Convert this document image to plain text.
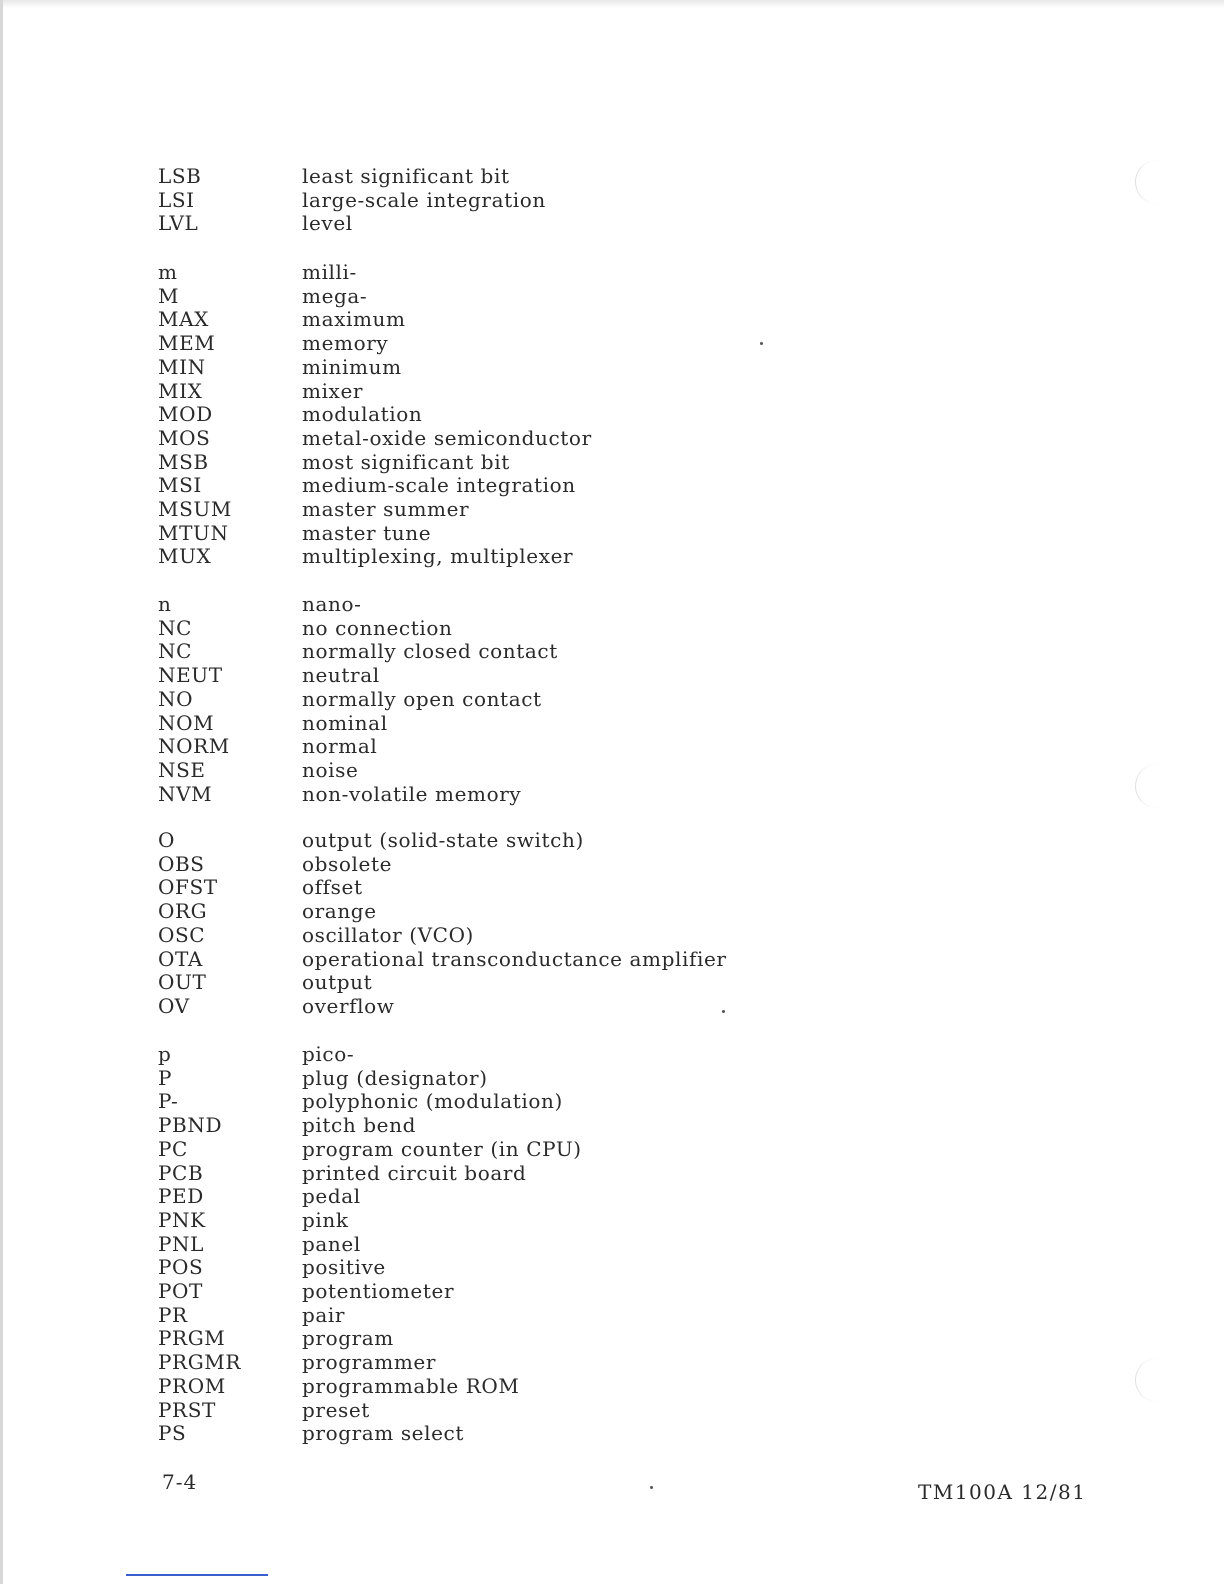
LSB	least significant bit
LSI	large-scale integration
LVL	level
m	milli-
M	mega-
MAX	maximum
MEM	memory
MIN	minimum
MIX	mixer
MOD	modulation
MOS	metal-oxide semiconductor
MSB	most significant bit
MSI	medium-scale integration
MSUM	master summer
MTUN	master tune
MUX	multiplexing, multiplexer
n	nano-
NC	no connection
NC	normally closed contact
NEUT	neutral
NO	normally open contact
NOM	nominal
NORM	normal
NSE	noise
NVM	non-volatile memory
O	output (solid-state switch)
OBS	obsolete
OFST	offset
ORG	orange
OSC	oscillator (VCO)
OTA	operational transconductance amplifier
OUT	output
OV	overflow
p	pico-
P	plug (designator)
P-	polyphonic (modulation)
PBND	pitch bend
PC	program counter (in CPU)
PCB	printed circuit board
PED	pedal
PNK	pink
PNL	panel
POS	positive
POT	potentiometer
PR	pair
PRGM	program
PRGMR	programmer
PROM	programmable ROM
PRST	preset
PS	program select
7-4	TM100A 12/81
